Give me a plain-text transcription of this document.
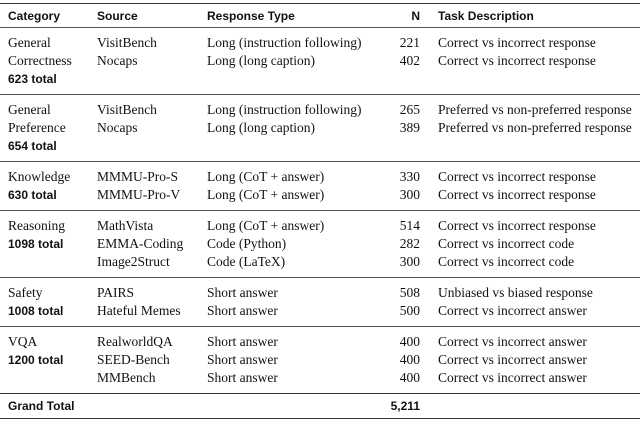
Category	Source	Response Type	N	Task Description
General	VisitBench	Long (instruction following)	221	Correct vs incorrect response
Correctness	Nocaps	Long (long caption)	402	Correct vs incorrect response
623 total				
General	VisitBench	Long (instruction following)	265	Preferred vs non-preferred response
Preference	Nocaps	Long (long caption)	389	Preferred vs non-preferred response
654 total				
Knowledge	MMMU-Pro-S	Long (CoT + answer)	330	Correct vs incorrect response
630 total	MMMU-Pro-V	Long (CoT + answer)	300	Correct vs incorrect response
Reasoning	MathVista	Long (CoT + answer)	514	Correct vs incorrect response
1098 total	EMMA-Coding	Code (Python)	282	Correct vs incorrect code
	Image2Struct	Code (LaTeX)	300	Correct vs incorrect code
Safety	PAIRS	Short answer	508	Unbiased vs biased response
1008 total	Hateful Memes	Short answer	500	Correct vs incorrect answer
VQA	RealworldQA	Short answer	400	Correct vs incorrect answer
1200 total	SEED-Bench	Short answer	400	Correct vs incorrect answer
	MMBench	Short answer	400	Correct vs incorrect answer
Grand Total			5,211	
